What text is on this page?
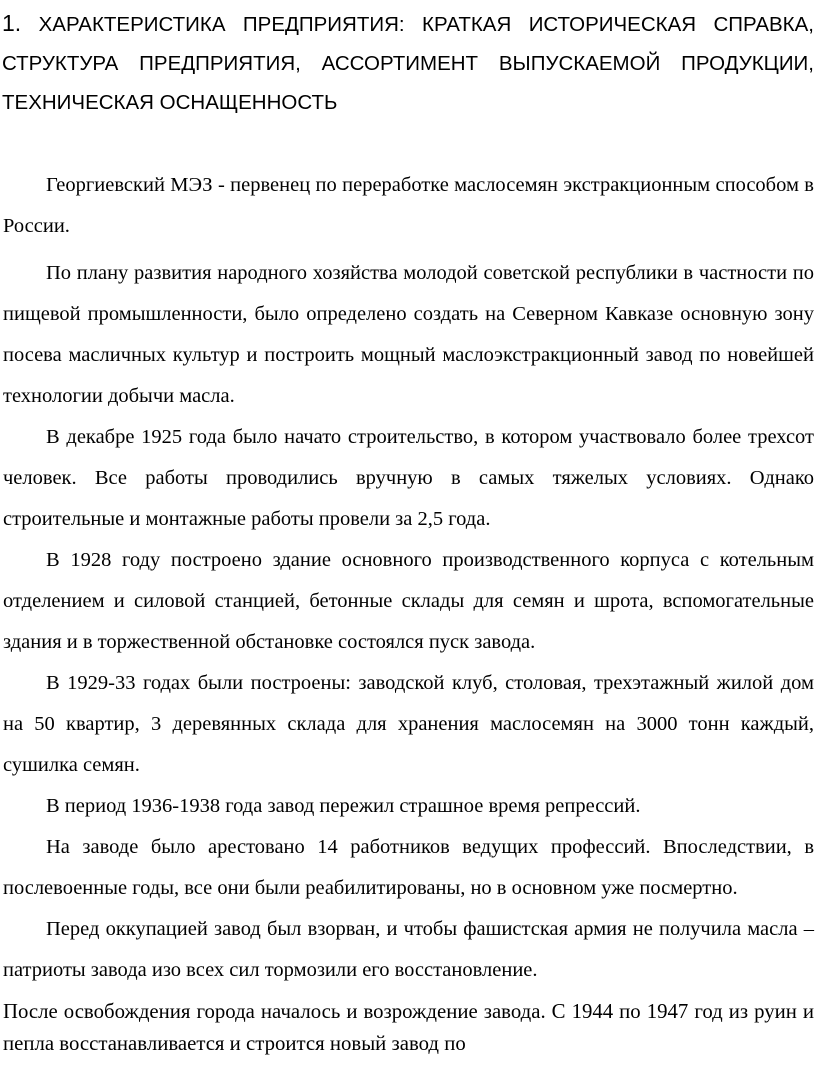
1. ХАРАКТЕРИСТИКА ПРЕДПРИЯТИЯ: КРАТКАЯ ИСТОРИЧЕСКАЯ СПРАВКА, СТРУКТУРА ПРЕДПРИЯТИЯ, АССОРТИМЕНТ ВЫПУСКАЕМОЙ ПРОДУКЦИИ, ТЕХНИЧЕСКАЯ ОСНАЩЕННОСТЬ

Георгиевский МЭЗ - первенец по переработке маслосемян экстракционным способом в России.

По плану развития народного хозяйства молодой советской республики в частности по пищевой промышленности, было определено создать на Северном Кавказе основную зону посева масличных культур и построить мощный маслоэкстракционный завод по новейшей технологии добычи масла.

В декабре 1925 года было начато строительство, в котором участвовало более трехсот человек. Все работы проводились вручную в самых тяжелых условиях. Однако строительные и монтажные работы провели за 2,5 года.

В 1928 году построено здание основного производственного корпуса с котельным отделением и силовой станцией, бетонные склады для семян и шрота, вспомогательные здания и в торжественной обстановке состоялся пуск завода.

В 1929-33 годах были построены: заводской клуб, столовая, трехэтажный жилой дом на 50 квартир, 3 деревянных склада для хранения маслосемян на 3000 тонн каждый, сушилка семян.

В период 1936-1938 года завод пережил страшное время репрессий.

На заводе было арестовано 14 работников ведущих профессий. Впоследствии, в послевоенные годы, все они были реабилитированы, но в основном уже посмертно.

Перед оккупацией завод был взорван, и чтобы фашистская армия не получила масла – патриоты завода изо всех сил тормозили его восстановление.

После освобождения города началось и возрождение завода. С 1944 по 1947 год из руин и пепла восстанавливается и строится новый завод по
